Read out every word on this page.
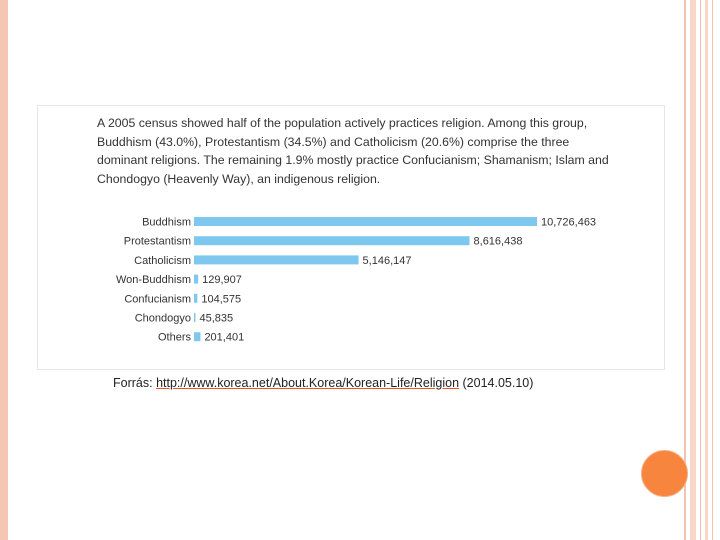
A 2005 census showed half of the population actively practices religion. Among this group, Buddhism (43.0%), Protestantism (34.5%) and Catholicism (20.6%) comprise the three dominant religions. The remaining 1.9% mostly practice Confucianism; Shamanism; Islam and Chondogyo (Heavenly Way), an indigenous religion.
Buddhism	10,726,463
Protestantism	8,616,438
Catholicism	5,146,147
Won-Buddhism 129,907
Confucianism 104,575
Chondogyo 45,835
Others 201,401
Forrás: http://www.korea.net/About.Korea/Korean-Life/Religion (2014.05.10)
